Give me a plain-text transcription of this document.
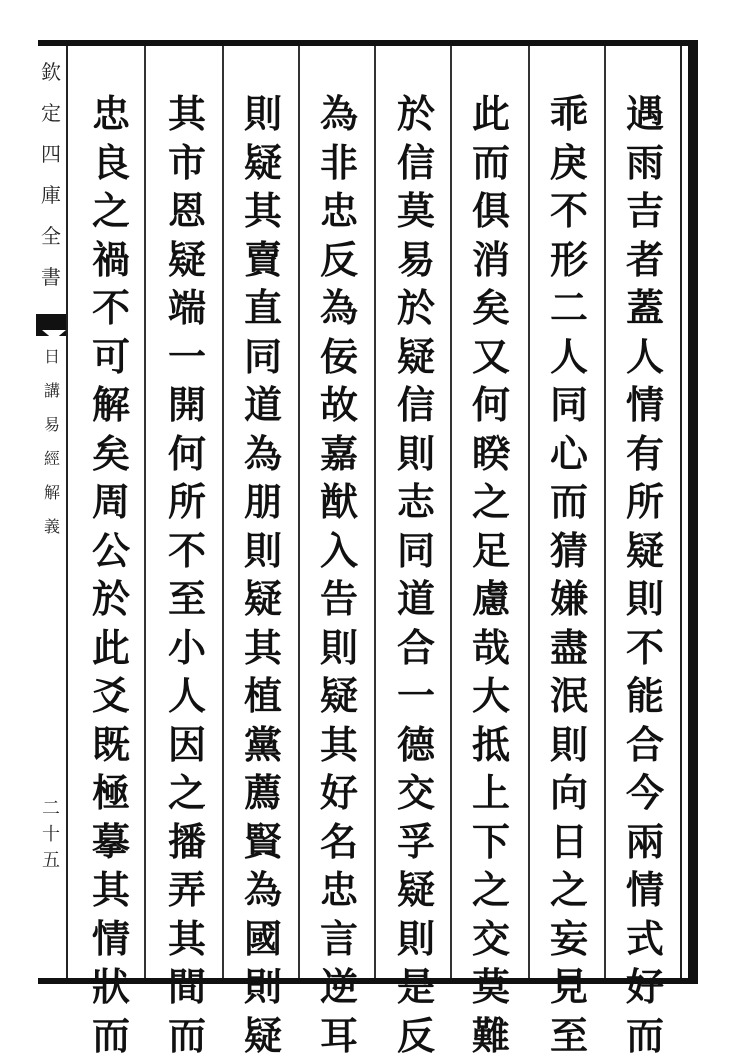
欽
定
四
庫
全
書
日
講
易
經
解
義
二十五
遇
雨
吉
者
蓋
人
情
有
所
疑
則
不
能
合
今
兩
情
式
好
而
乖
戾
不
形
二
人
同
心
而
猜
嫌
盡
泯
則
向
日
之
妄
見
至
此
而
俱
消
矣
又
何
睽
之
足
慮
哉
大
抵
上
下
之
交
莫
難
於
信
莫
易
於
疑
信
則
志
同
道
合
一
德
交
孚
疑
則
是
反
為
非
忠
反
為
佞
故
嘉
猷
入
告
則
疑
其
好
名
忠
言
逆
耳
則
疑
其
賣
直
同
道
為
朋
則
疑
其
植
黨
薦
賢
為
國
則
疑
其
市
恩
疑
端
一
開
何
所
不
至
小
人
因
之
播
弄
其
間
而
忠
良
之
禍
不
可
解
矣
周
公
於
此
爻
既
極
摹
其
情
狀
而
